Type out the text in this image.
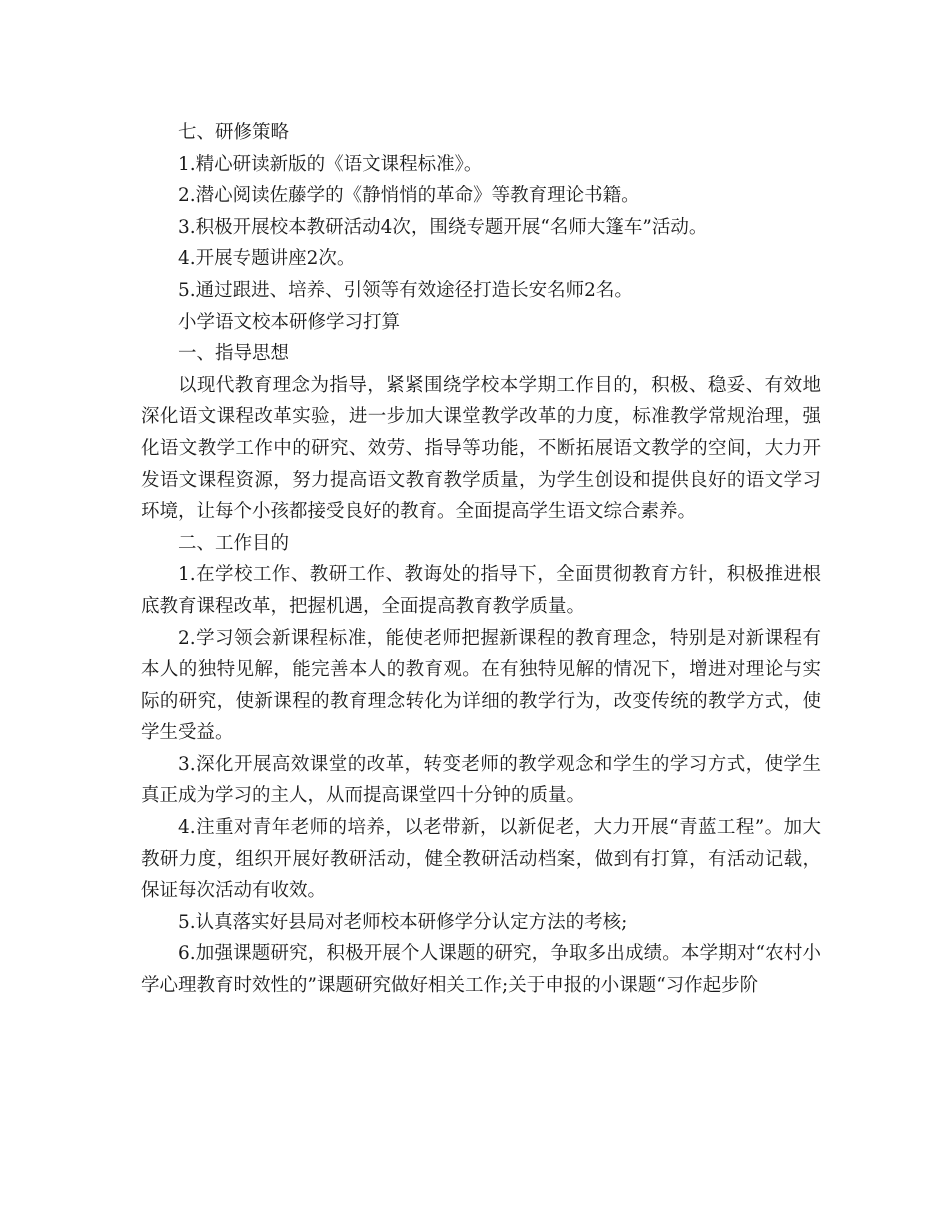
七、研修策略

1.精心研读新版的《语文课程标准》。

2.潜心阅读佐藤学的《静悄悄的革命》等教育理论书籍。

3.积极开展校本教研活动4次，围绕专题开展“名师大篷车”活动。

4.开展专题讲座2次。

5.通过跟进、培养、引领等有效途径打造长安名师2名。

小学语文校本研修学习打算

一、指导思想

以现代教育理念为指导，紧紧围绕学校本学期工作目的，积极、稳妥、有效地深化语文课程改革实验，进一步加大课堂教学改革的力度，标准教学常规治理，强化语文教学工作中的研究、效劳、指导等功能，不断拓展语文教学的空间，大力开发语文课程资源，努力提高语文教育教学质量，为学生创设和提供良好的语文学习环境，让每个小孩都接受良好的教育。全面提高学生语文综合素养。

二、工作目的

1.在学校工作、教研工作、教诲处的指导下，全面贯彻教育方针，积极推进根底教育课程改革，把握机遇，全面提高教育教学质量。

2.学习领会新课程标准，能使老师把握新课程的教育理念，特别是对新课程有本人的独特见解，能完善本人的教育观。在有独特见解的情况下，增进对理论与实际的研究，使新课程的教育理念转化为详细的教学行为，改变传统的教学方式，使学生受益。

3.深化开展高效课堂的改革，转变老师的教学观念和学生的学习方式，使学生真正成为学习的主人，从而提高课堂四十分钟的质量。

4.注重对青年老师的培养，以老带新，以新促老，大力开展“青蓝工程”。加大教研力度，组织开展好教研活动，健全教研活动档案，做到有打算，有活动记载，保证每次活动有收效。

5.认真落实好县局对老师校本研修学分认定方法的考核;

6.加强课题研究，积极开展个人课题的研究，争取多出成绩。本学期对“农村小学心理教育时效性的”课题研究做好相关工作;关于申报的小课题“习作起步阶
